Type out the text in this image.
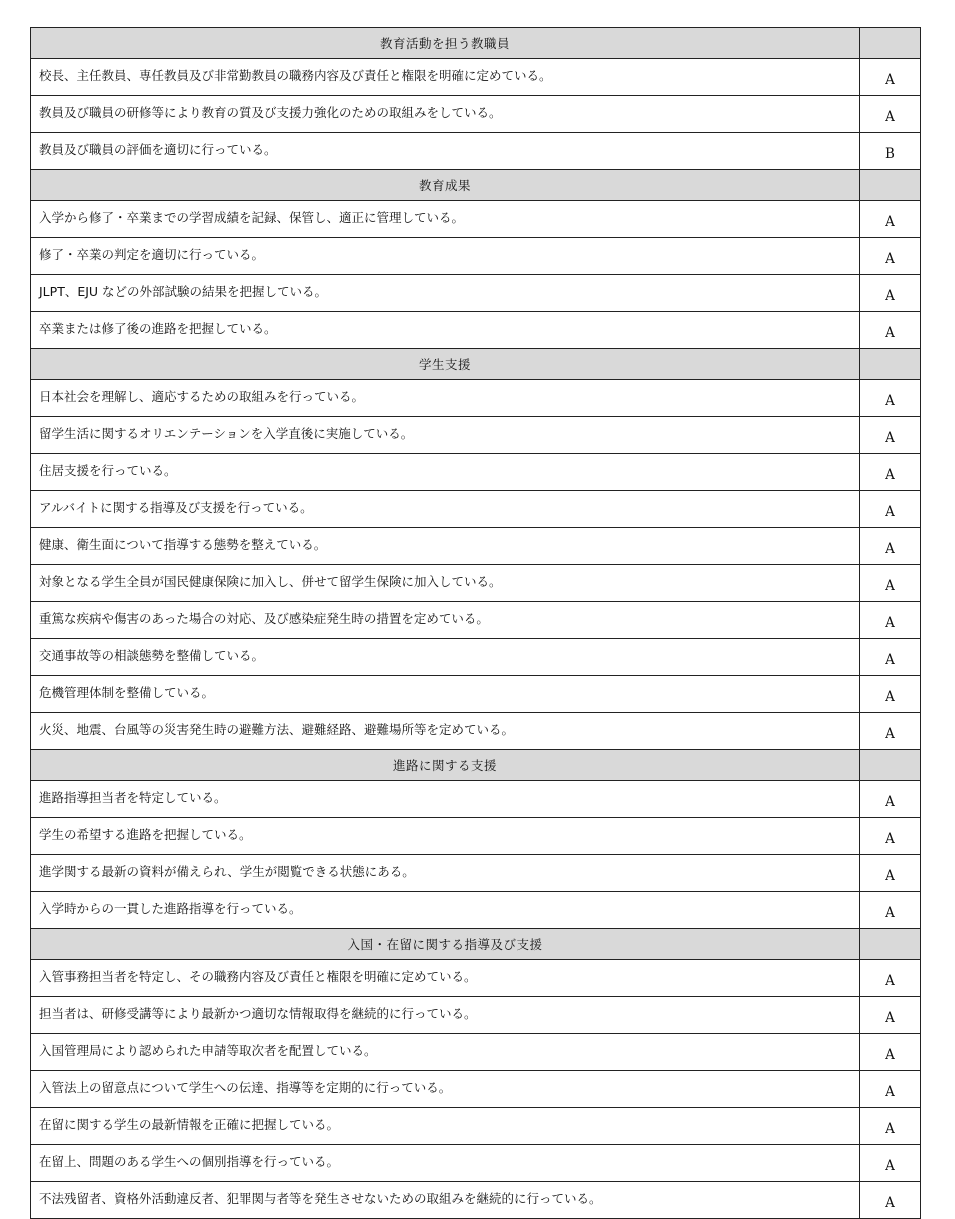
教育活動を担う教職員	
校長、主任教員、専任教員及び非常勤教員の職務内容及び責任と権限を明確に定めている。	A
教員及び職員の研修等により教育の質及び支援力強化のための取組みをしている。	A
教員及び職員の評価を適切に行っている。	B
教育成果	
入学から修了・卒業までの学習成績を記録、保管し、適正に管理している。	A
修了・卒業の判定を適切に行っている。	A
JLPT、EJU などの外部試験の結果を把握している。	A
卒業または修了後の進路を把握している。	A
学生支援	
日本社会を理解し、適応するための取組みを行っている。	A
留学生活に関するオリエンテーションを入学直後に実施している。	A
住居支援を行っている。	A
アルバイトに関する指導及び支援を行っている。	A
健康、衛生面について指導する態勢を整えている。	A
対象となる学生全員が国民健康保険に加入し、併せて留学生保険に加入している。	A
重篤な疾病や傷害のあった場合の対応、及び感染症発生時の措置を定めている。	A
交通事故等の相談態勢を整備している。	A
危機管理体制を整備している。	A
火災、地震、台風等の災害発生時の避難方法、避難経路、避難場所等を定めている。	A
進路に関する支援	
進路指導担当者を特定している。	A
学生の希望する進路を把握している。	A
進学関する最新の資料が備えられ、学生が閲覧できる状態にある。	A
入学時からの一貫した進路指導を行っている。	A
入国・在留に関する指導及び支援	
入管事務担当者を特定し、その職務内容及び責任と権限を明確に定めている。	A
担当者は、研修受講等により最新かつ適切な情報取得を継続的に行っている。	A
入国管理局により認められた申請等取次者を配置している。	A
入管法上の留意点について学生への伝達、指導等を定期的に行っている。	A
在留に関する学生の最新情報を正確に把握している。	A
在留上、問題のある学生への個別指導を行っている。	A
不法残留者、資格外活動違反者、犯罪関与者等を発生させないための取組みを継続的に行っている。	A
